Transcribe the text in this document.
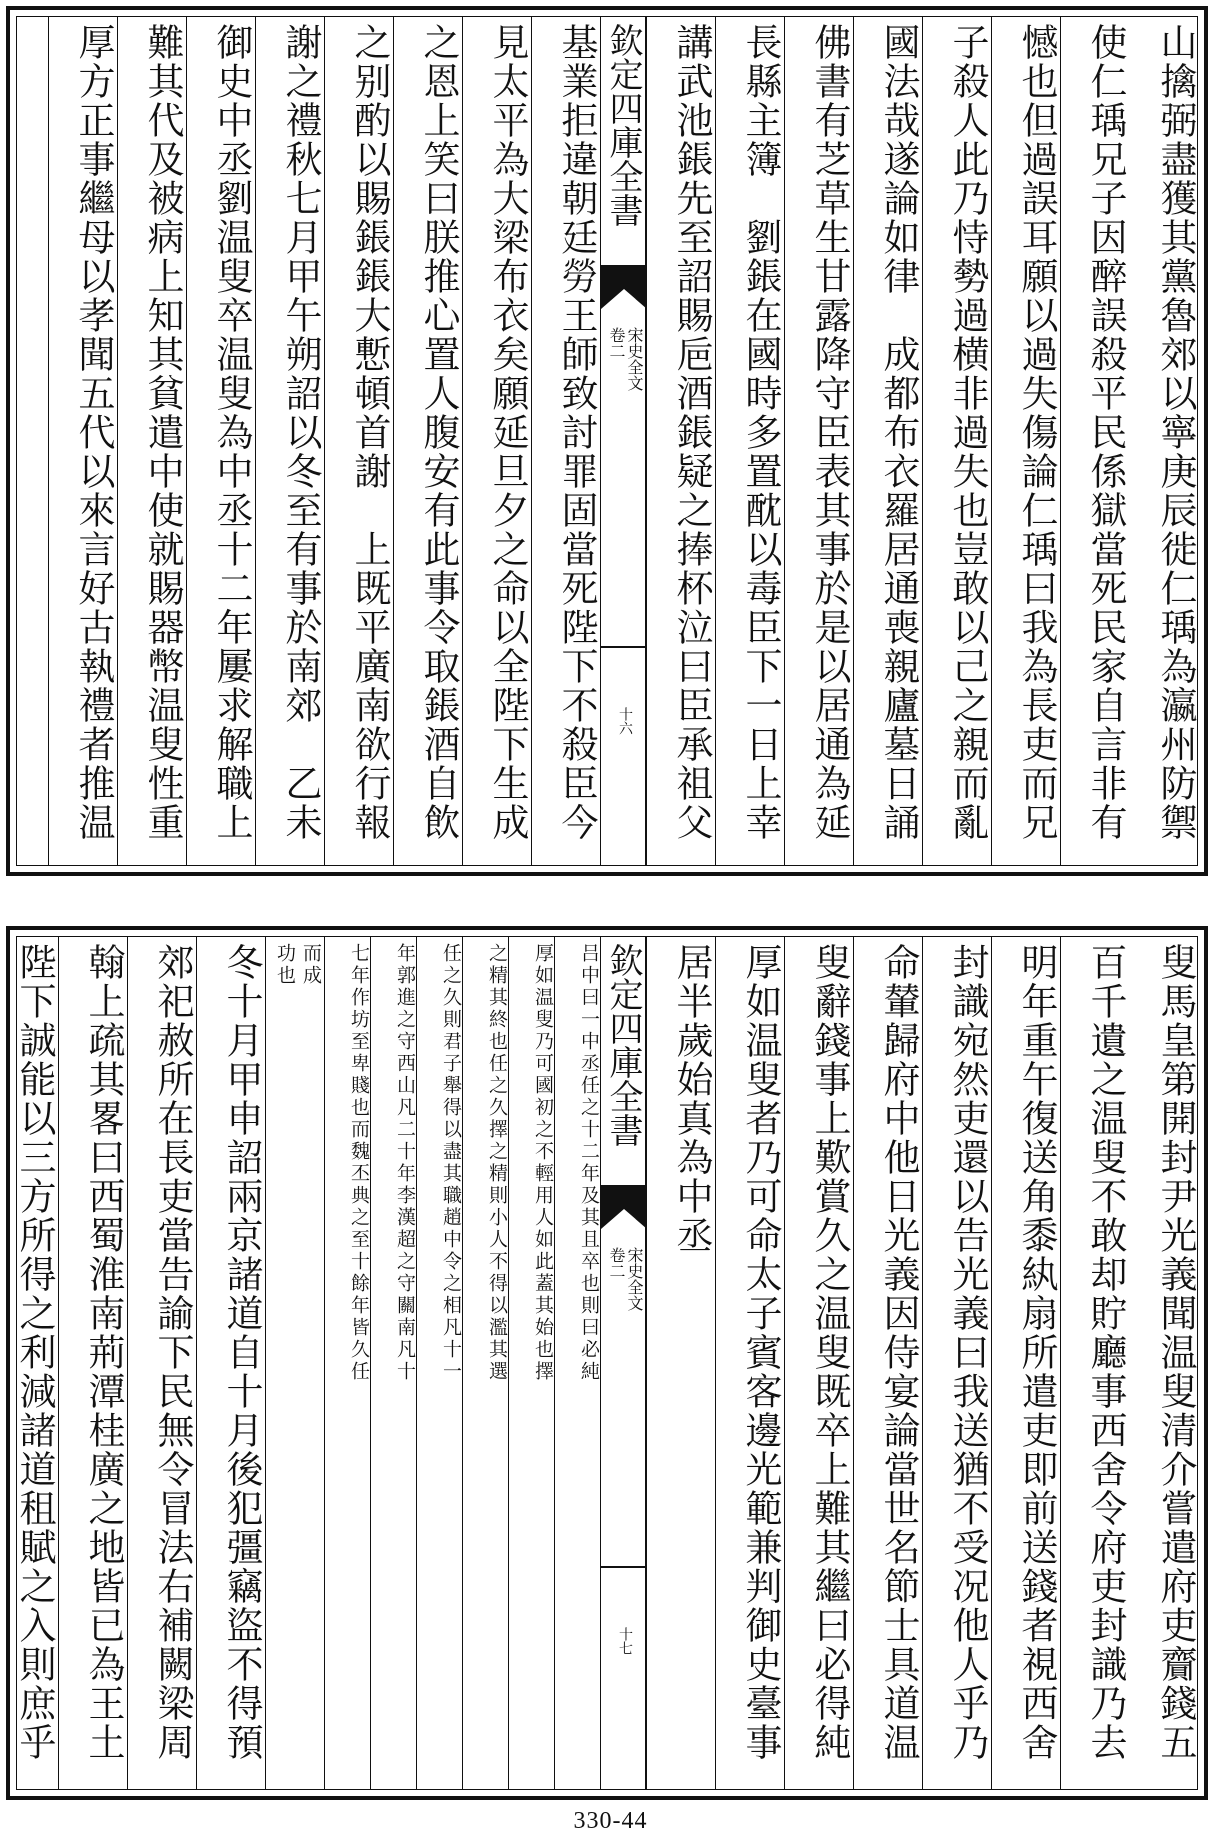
山擒弼盡獲其黨魯郊以寧庚辰徙仁瑀為瀛州防禦
使仁瑀兄子因醉誤殺平民係獄當死民家自言非有
憾也但過誤耳願以過失傷論仁瑀曰我為長吏而兄
子殺人此乃恃勢過横非過失也豈敢以己之親而亂
國法哉遂論如律　成都布衣羅居通喪親廬墓日誦
佛書有芝草生甘露降守臣表其事於是以居通為延
長縣主簿　劉鋹在國時多置酖以毒臣下一日上幸
講武池鋹先至詔賜巵酒鋹疑之捧杯泣曰臣承祖父
欽定四庫全書
宋史全文
卷二
十六
基業拒違朝廷勞王師致討罪固當死陛下不殺臣今
見太平為大梁布衣矣願延旦夕之命以全陛下生成
之恩上笑曰朕推心置人腹安有此事令取鋹酒自飲
之别酌以賜鋹鋹大慙頓首謝　上既平廣南欲行報
謝之禮秋七月甲午朔詔以冬至有事於南郊　乙未
御史中丞劉温叟卒温叟為中丞十二年屢求解職上
難其代及被病上知其貧遣中使就賜器幣温叟性重
厚方正事繼母以孝聞五代以來言好古執禮者推温
叟馬皇第開封尹光義聞温叟清介嘗遣府吏齎錢五
百千遺之温叟不敢却貯廳事西舍令府吏封識乃去
明年重午復送角黍紈扇所遣吏即前送錢者視西舍
封識宛然吏還以告光義曰我送猶不受况他人乎乃
命輦歸府中他日光義因侍宴論當世名節士具道温
叟辭錢事上歎賞久之温叟既卒上難其繼曰必得純
厚如温叟者乃可命太子賓客邊光範兼判御史臺事
居半歲始真為中丞
欽定四庫全書
宋史全文
卷二
十七
吕中曰一中丞任之十二年及其且卒也則曰必純
厚如温叟乃可國初之不輕用人如此蓋其始也擇
之精其終也任之久擇之精則小人不得以濫其選
任之久則君子舉得以盡其職趙中令之相凡十一
年郭進之守西山凡二十年李漢超之守關南凡十
七年作坊至卑賤也而魏丕典之至十餘年皆久任
而成
功也
冬十月甲申詔兩京諸道自十月後犯彊竊盜不得預
郊祀赦所在長吏當告諭下民無令冒法右補闕梁周
翰上疏其畧曰西蜀淮南荊潭桂廣之地皆已為王土
陛下誠能以三方所得之利減諸道租賦之入則庶乎
330-44
